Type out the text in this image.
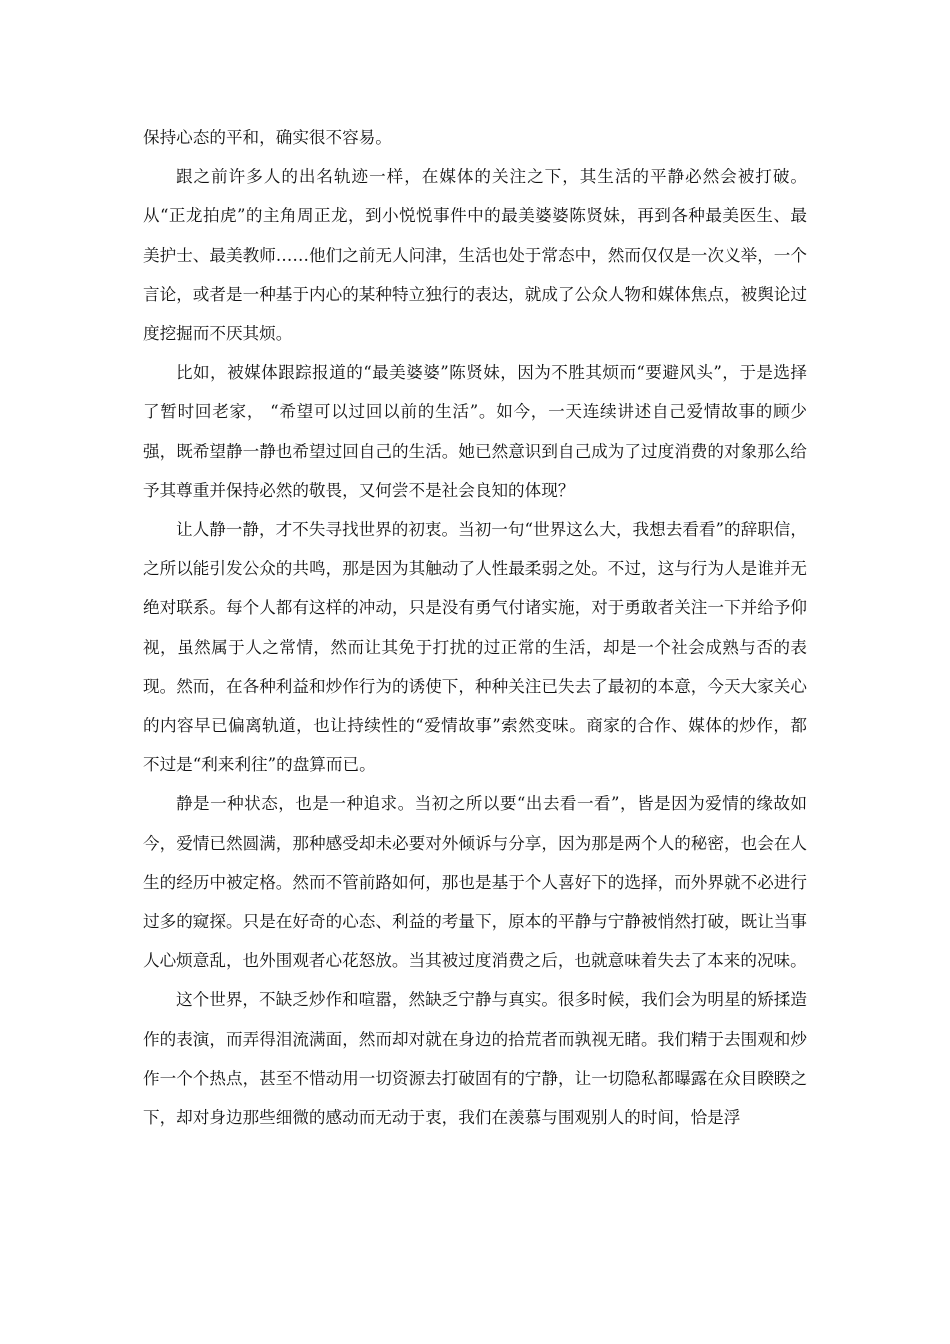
保持心态的平和，确实很不容易。

跟之前许多人的出名轨迹一样，在媒体的关注之下，其生活的平静必然会被打破。从“正龙拍虎”的主角周正龙，到小悦悦事件中的最美婆婆陈贤妹，再到各种最美医生、最美护士、最美教师……他们之前无人问津，生活也处于常态中，然而仅仅是一次义举，一个言论，或者是一种基于内心的某种特立独行的表达，就成了公众人物和媒体焦点，被舆论过度挖掘而不厌其烦。

比如，被媒体跟踪报道的“最美婆婆”陈贤妹，因为不胜其烦而“要避风头”，于是选择了暂时回老家， “希望可以过回以前的生活”。如今，一天连续讲述自己爱情故事的顾少强，既希望静一静也希望过回自己的生活。她已然意识到自己成为了过度消费的对象那么给予其尊重并保持必然的敬畏，又何尝不是社会良知的体现？

让人静一静，才不失寻找世界的初衷。当初一句“世界这么大，我想去看看”的辞职信，之所以能引发公众的共鸣，那是因为其触动了人性最柔弱之处。不过，这与行为人是谁并无绝对联系。每个人都有这样的冲动，只是没有勇气付诸实施，对于勇敢者关注一下并给予仰视，虽然属于人之常情，然而让其免于打扰的过正常的生活，却是一个社会成熟与否的表现。然而，在各种利益和炒作行为的诱使下，种种关注已失去了最初的本意，今天大家关心的内容早已偏离轨道，也让持续性的“爱情故事”索然变味。商家的合作、媒体的炒作，都不过是“利来利往”的盘算而已。

静是一种状态，也是一种追求。当初之所以要“出去看一看”，皆是因为爱情的缘故如今，爱情已然圆满，那种感受却未必要对外倾诉与分享，因为那是两个人的秘密，也会在人生的经历中被定格。然而不管前路如何，那也是基于个人喜好下的选择，而外界就不必进行过多的窥探。只是在好奇的心态、利益的考量下，原本的平静与宁静被悄然打破，既让当事人心烦意乱，也外围观者心花怒放。当其被过度消费之后，也就意味着失去了本来的况味。

这个世界，不缺乏炒作和喧嚣，然缺乏宁静与真实。很多时候，我们会为明星的矫揉造作的表演，而弄得泪流满面，然而却对就在身边的拾荒者而孰视无睹。我们精于去围观和炒作一个个热点，甚至不惜动用一切资源去打破固有的宁静，让一切隐私都曝露在众目睽睽之下，却对身边那些细微的感动而无动于衷，我们在羡慕与围观别人的时间，恰是浮
